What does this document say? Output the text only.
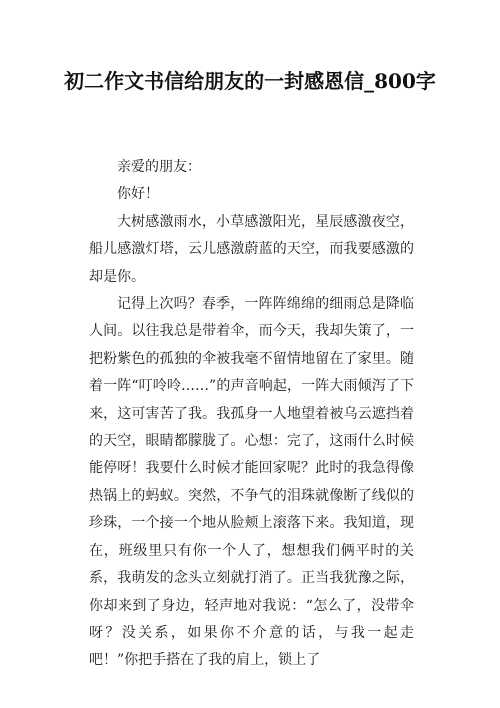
初二作文书信给朋友的一封感恩信_800字

亲爱的朋友：

你好！

大树感激雨水，小草感激阳光，星辰感激夜空，船儿感激灯塔，云儿感激蔚蓝的天空，而我要感激的却是你。

记得上次吗？春季，一阵阵绵绵的细雨总是降临人间。以往我总是带着伞，而今天，我却失策了，一把粉紫色的孤独的伞被我毫不留情地留在了家里。随着一阵“叮呤呤……”的声音响起，一阵大雨倾泻了下来，这可害苦了我。我孤身一人地望着被乌云遮挡着的天空，眼睛都朦胧了。心想：完了，这雨什么时候能停呀！我要什么时候才能回家呢？此时的我急得像热锅上的蚂蚁。突然，不争气的泪珠就像断了线似的珍珠，一个接一个地从脸颊上滚落下来。我知道，现在，班级里只有你一个人了，想想我们俩平时的关系，我萌发的念头立刻就打消了。正当我犹豫之际，你却来到了身边，轻声地对我说：“怎么了，没带伞呀？没关系，如果你不介意的话，与我一起走吧！”你把手搭在了我的肩上，锁上了
